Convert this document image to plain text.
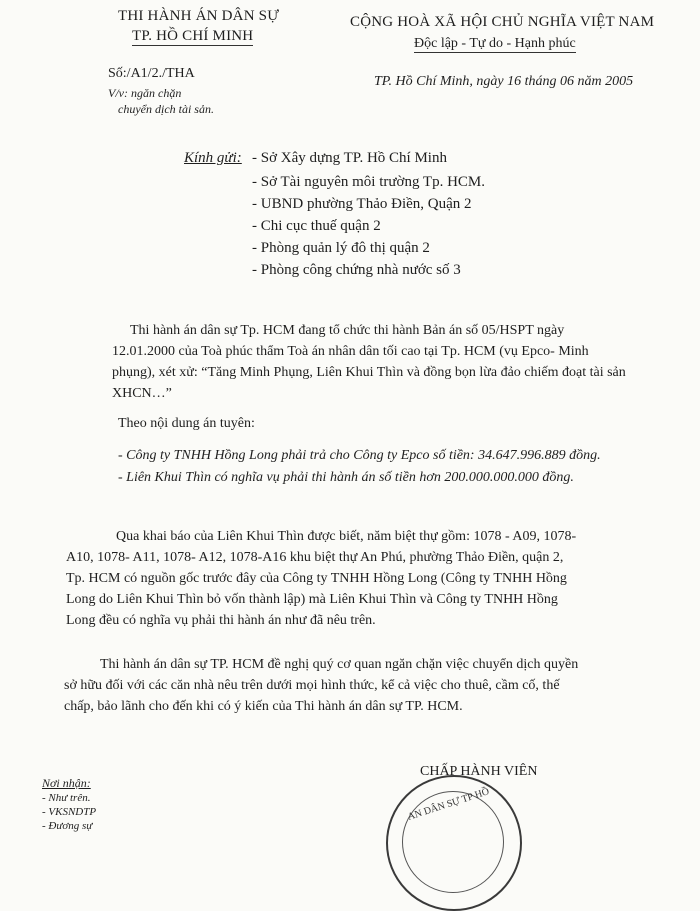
THI HÀNH ÁN DÂN SỰ
TP. HỒ CHÍ MINH
Số:/A1/2./THA
V/v: ngăn chặn
chuyển dịch tài sản.
CỘNG HOÀ XÃ HỘI CHỦ NGHĨA VIỆT NAM
Độc lập - Tự do - Hạnh phúc
TP. Hồ Chí Minh, ngày 16 tháng 06 năm 2005
Kính gửi: - Sở Xây dựng TP. Hồ Chí Minh
- Sở Tài nguyên môi trường Tp. HCM.
- UBND phường Thảo Điền, Quận 2
- Chi cục thuế quận 2
- Phòng quản lý đô thị quận 2
- Phòng công chứng nhà nước số 3
Thi hành án dân sự Tp. HCM đang tổ chức thi hành Bản án số 05/HSPT ngày
12.01.2000 của Toà phúc thẩm Toà án nhân dân tối cao tại Tp. HCM (vụ Epco- Minh
phụng), xét xử: “Tăng Minh Phụng, Liên Khui Thìn và đồng bọn lừa đảo chiếm đoạt tài sản
XHCN…”
Theo nội dung án tuyên:
- Công ty TNHH Hồng Long phải trả cho Công ty Epco số tiền: 34.647.996.889 đồng.
- Liên Khui Thìn có nghĩa vụ phải thi hành án số tiền hơn 200.000.000.000 đồng.
Qua khai báo của Liên Khui Thìn được biết, năm biệt thự gồm: 1078 - A09, 1078-
A10, 1078- A11, 1078- A12, 1078-A16 khu biệt thự An Phú, phường Thảo Điền, quận 2,
Tp. HCM có nguồn gốc trước đây của Công ty TNHH Hồng Long (Công ty TNHH Hồng
Long do Liên Khui Thìn bỏ vốn thành lập) mà Liên Khui Thìn và Công ty TNHH Hồng
Long đều có nghĩa vụ phải thi hành án như đã nêu trên.
Thi hành án dân sự TP. HCM đề nghị quý cơ quan ngăn chặn việc chuyển dịch quyền
sở hữu đối với các căn nhà nêu trên dưới mọi hình thức, kể cả việc cho thuê, cầm cố, thế
chấp, bảo lãnh cho đến khi có ý kiến của Thi hành án dân sự TP. HCM.
Nơi nhận:
- Như trên.
- VKSNDTP
- Đương sự
CHẤP HÀNH VIÊN
AN DÂN SỰ TP HỒ
